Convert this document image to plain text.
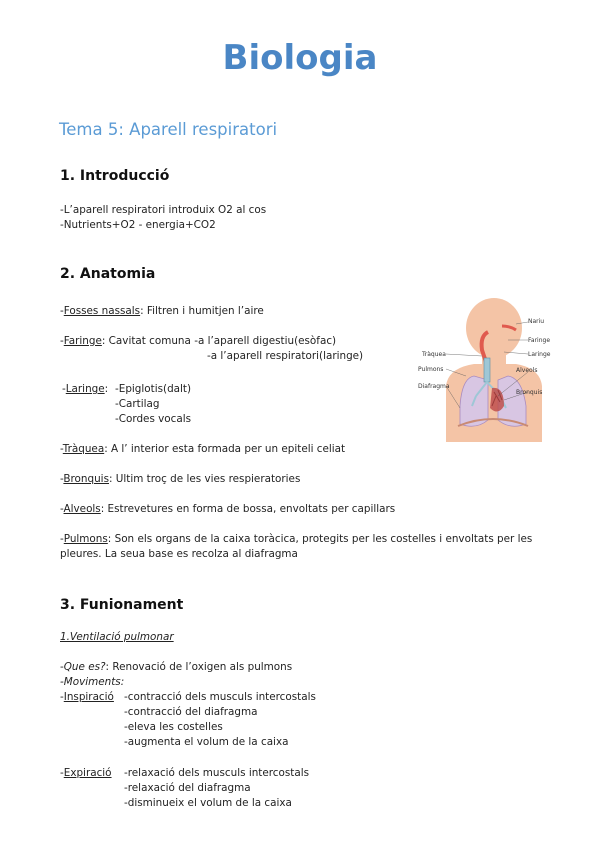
Biologia
Tema 5: Aparell respiratori
1. Introducció
-L’aparell respiratori introduix O2 al cos
-Nutrients+O2 - energia+CO2
2. Anatomia
-Fosses nassals: Filtren i humitjen l’aire
-Faringe: Cavitat comuna -a l’aparell digestiu(esòfac)
-a l’aparell respiratori(laringe)
-Laringe: -Epiglotis(dalt)
-Cartilag
-Cordes vocals
-Tràquea: A l’ interior esta formada per un epiteli celiat
-Bronquis: Ultim troç de les vies respieratories
-Alveols: Estrevetures en forma de bossa, envoltats per capillars
-Pulmons: Son els organs de la caixa toràcica, protegits per les costelles i envoltats per les pleures. La seua base es recolza al diafragma
Nariu
Faringe
Laringe
Tràquea
Pulmons	Alveols
Diafragma
Bronquis
3. Funionament
1.Ventilació pulmonar
-Que es?: Renovació de l’oxigen als pulmons
-Moviments:
-Inspiració -contracció dels musculs intercostals
-contracció del diafragma
-eleva les costelles
-augmenta el volum de la caixa
-Expiració -relaxació dels musculs intercostals
-relaxació del diafragma
-disminueix el volum de la caixa
